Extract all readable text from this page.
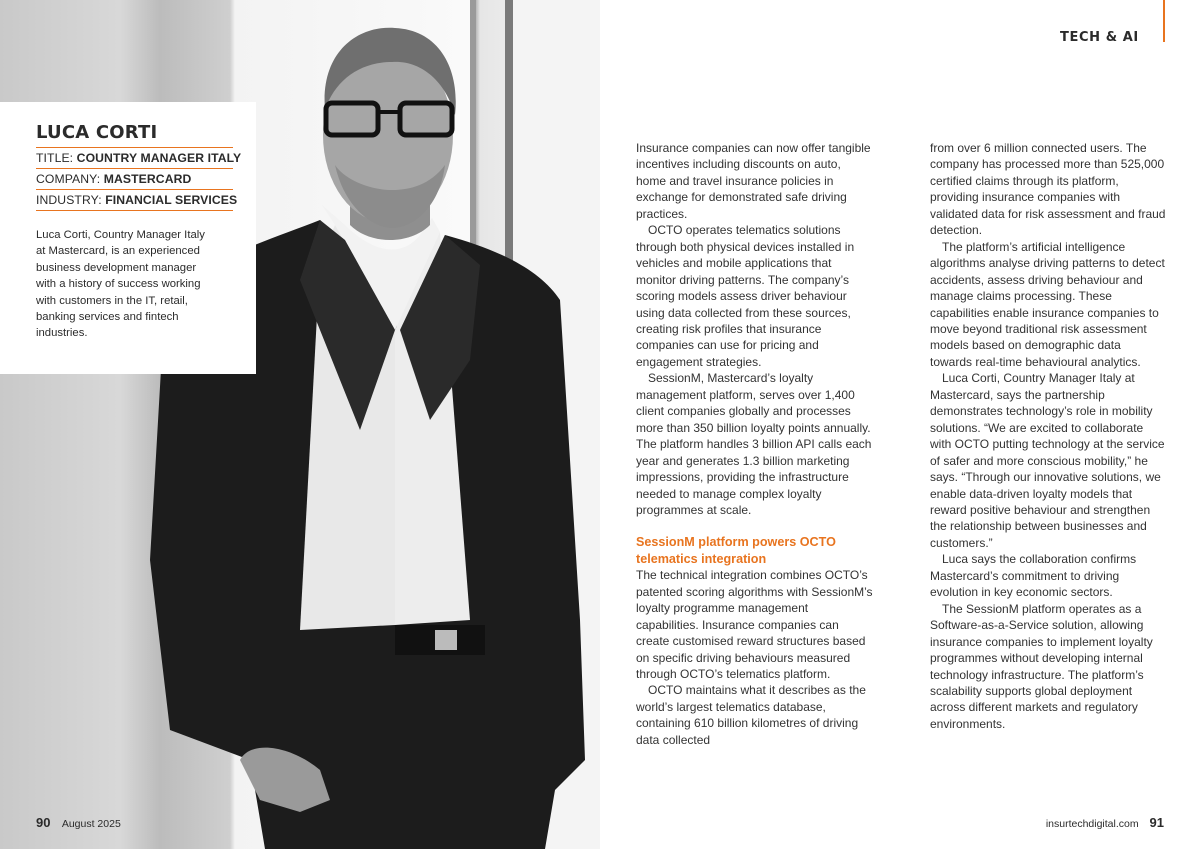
LUCA CORTI
TITLE: COUNTRY MANAGER ITALY
COMPANY: MASTERCARD
INDUSTRY: FINANCIAL SERVICES
Luca Corti, Country Manager Italy at Mastercard, is an experienced business development manager with a history of success working with customers in the IT, retail, banking services and fintech industries.
90 August 2025
TECH & AI

Insurance companies can now offer tangible incentives including discounts on auto, home and travel insurance policies in exchange for demonstrated safe driving practices.

OCTO operates telematics solutions through both physical devices installed in vehicles and mobile applications that monitor driving patterns. The company’s scoring models assess driver behaviour using data collected from these sources, creating risk profiles that insurance companies can use for pricing and engagement strategies.

SessionM, Mastercard’s loyalty management platform, serves over 1,400 client companies globally and processes more than 350 billion loyalty points annually. The platform handles 3 billion API calls each year and generates 1.3 billion marketing impressions, providing the infrastructure needed to manage complex loyalty programmes at scale.

SessionM platform powers OCTO telematics integration

The technical integration combines OCTO’s patented scoring algorithms with SessionM’s loyalty programme management capabilities. Insurance companies can create customised reward structures based on specific driving behaviours measured through OCTO’s telematics platform.

OCTO maintains what it describes as the world’s largest telematics database, containing 610 billion kilometres of driving data collected

from over 6 million connected users. The company has processed more than 525,000 certified claims through its platform, providing insurance companies with validated data for risk assessment and fraud detection.

The platform’s artificial intelligence algorithms analyse driving patterns to detect accidents, assess driving behaviour and manage claims processing. These capabilities enable insurance companies to move beyond traditional risk assessment models based on demographic data towards real-time behavioural analytics.

Luca Corti, Country Manager Italy at Mastercard, says the partnership demonstrates technology’s role in mobility solutions. “We are excited to collaborate with OCTO putting technology at the service of safer and more conscious mobility,” he says. “Through our innovative solutions, we enable data-driven loyalty models that reward positive behaviour and strengthen the relationship between businesses and customers.”

Luca says the collaboration confirms Mastercard’s commitment to driving evolution in key economic sectors.

The SessionM platform operates as a Software-as-a-Service solution, allowing insurance companies to implement loyalty programmes without developing internal technology infrastructure. The platform’s scalability supports global deployment across different markets and regulatory environments.

insurtechdigital.com 91
